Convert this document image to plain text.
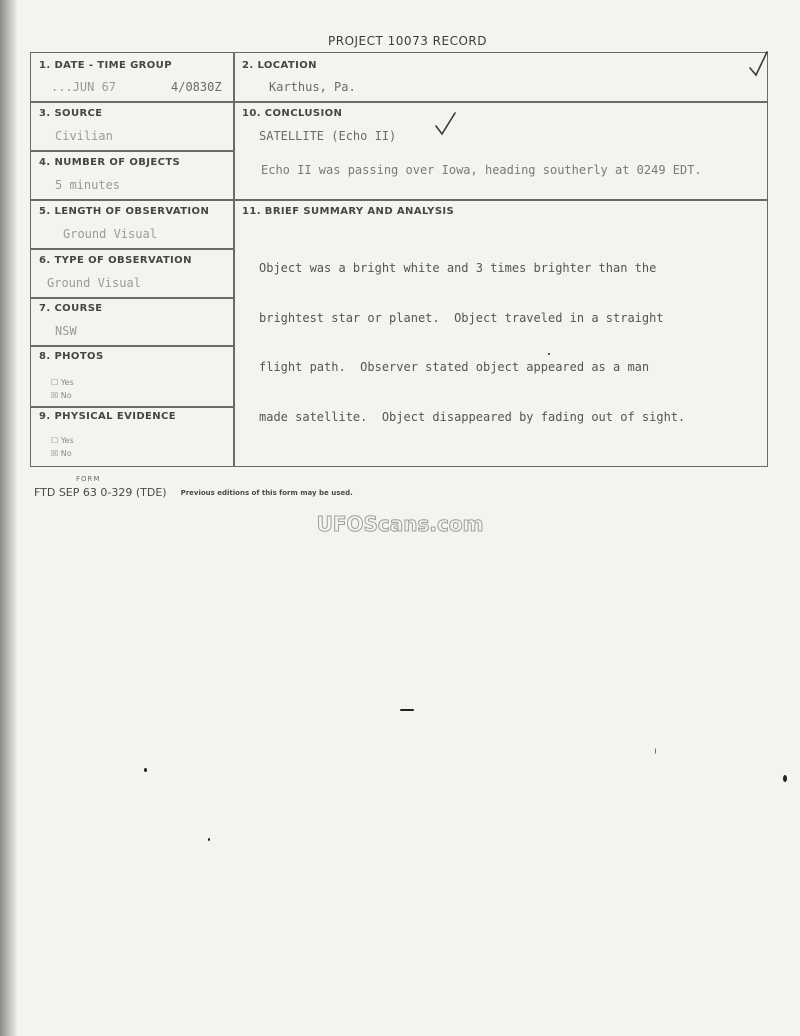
PROJECT 10073 RECORD
1. DATE - TIME GROUP
...JUN 67	4/0830Z
2. LOCATION
Karthus, Pa.
3. SOURCE
Civilian
4. NUMBER OF OBJECTS
5 minutes
5. LENGTH OF OBSERVATION
Ground Visual
6. TYPE OF OBSERVATION
Ground Visual
7. COURSE
NSW
8. PHOTOS
☐ Yes
☒ No
9. PHYSICAL EVIDENCE
☐ Yes
☒ No
10. CONCLUSION
SATELLITE (Echo II)
Echo II was passing over Iowa, heading southerly at 0249 EDT.
11. BRIEF SUMMARY AND ANALYSIS

Object was a bright white and 3 times brighter than the

brightest star or planet.  Object traveled in a straight

flight path.  Observer stated object appeared as a man

made satellite.  Object disappeared by fading out of sight.

FORM
FTD SEP 63 0-329 (TDE) Previous editions of this form may be used.
UFOScans.com
